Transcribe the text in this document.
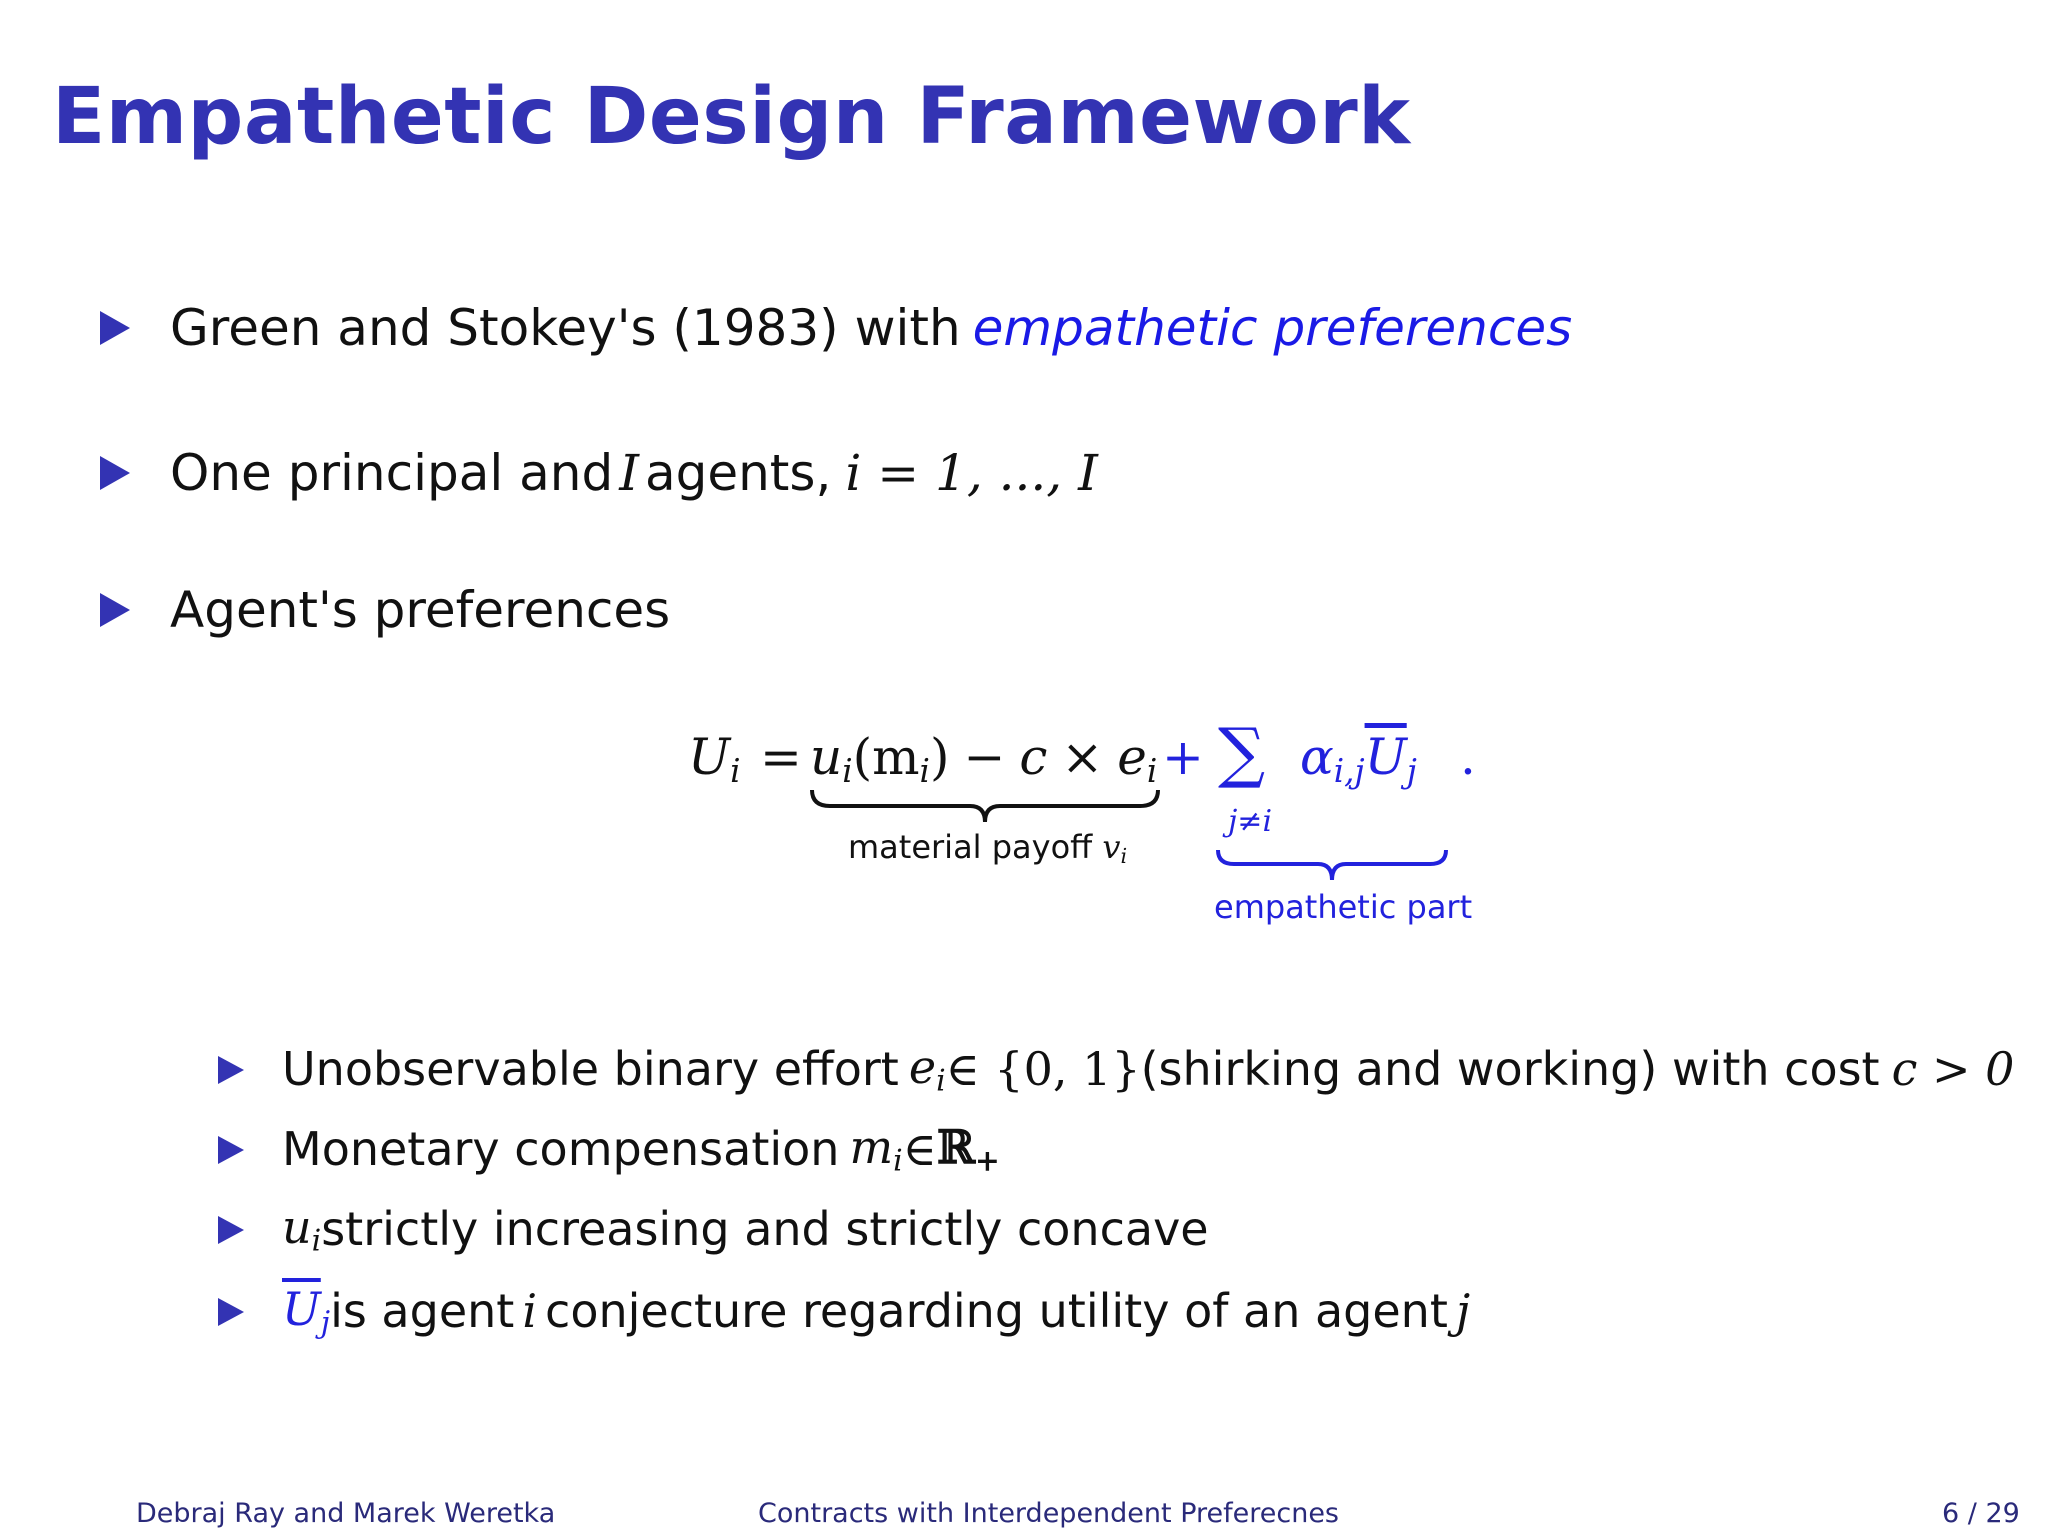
Empathetic Design Framework
Green and Stokey's (1983) with empathetic preferences
One principal and I agents, i = 1, ..., I
Agent's preferences
$U_i = u_i(m_i) - c \times e_i$ + ∑
j≠i
$\alpha_{i,j}\overline{U}_j$ .
material payoff $v_i$
empathetic part
Unobservable binary effort $e_i$ ∈ {0, 1} (shirking and working) with cost c > 0
Monetary compensation $m_i$ ∈ ℝ$_+$
$u_i$ strictly increasing and strictly concave
$\overline{U}_j$ is agent i conjecture regarding utility of an agent j
Debraj Ray and Marek Weretka	Contracts with Interdependent Preferecnes	6 / 29
